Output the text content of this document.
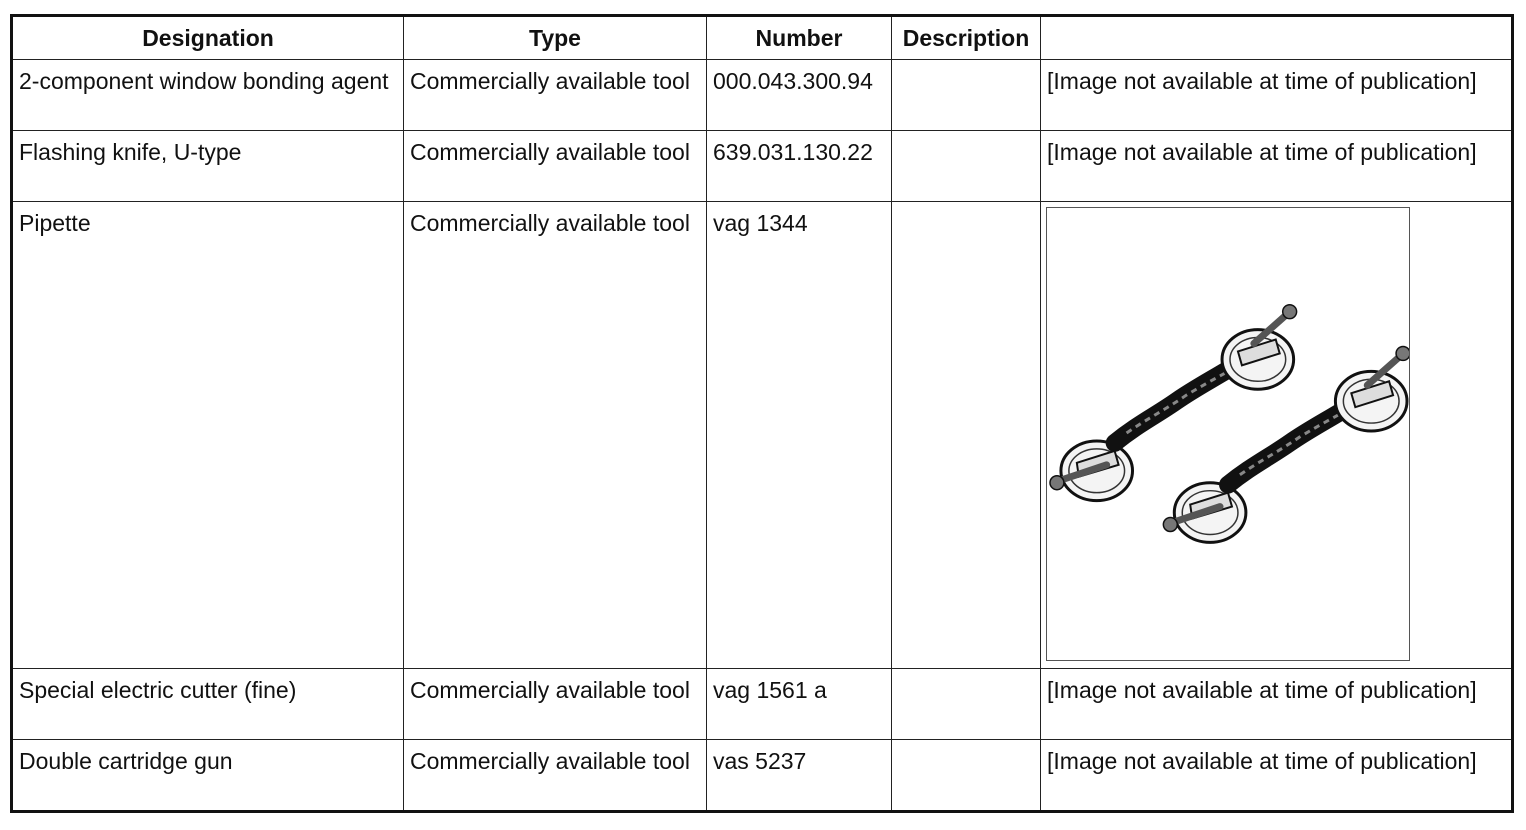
Designation	Type	Number	Description	

2-component window bonding agent	Commercially available tool	000.043.300.94		[Image not available at time of publication]

Flashing knife, U-type	Commercially available tool	639.031.130.22		[Image not available at time of publication]

Pipette	Commercially available tool	vag 1344

Special electric cutter (fine)	Commercially available tool	vag 1561 a		[Image not available at time of publication]

Double cartridge gun	Commercially available tool	vas 5237		[Image not available at time of publication]
